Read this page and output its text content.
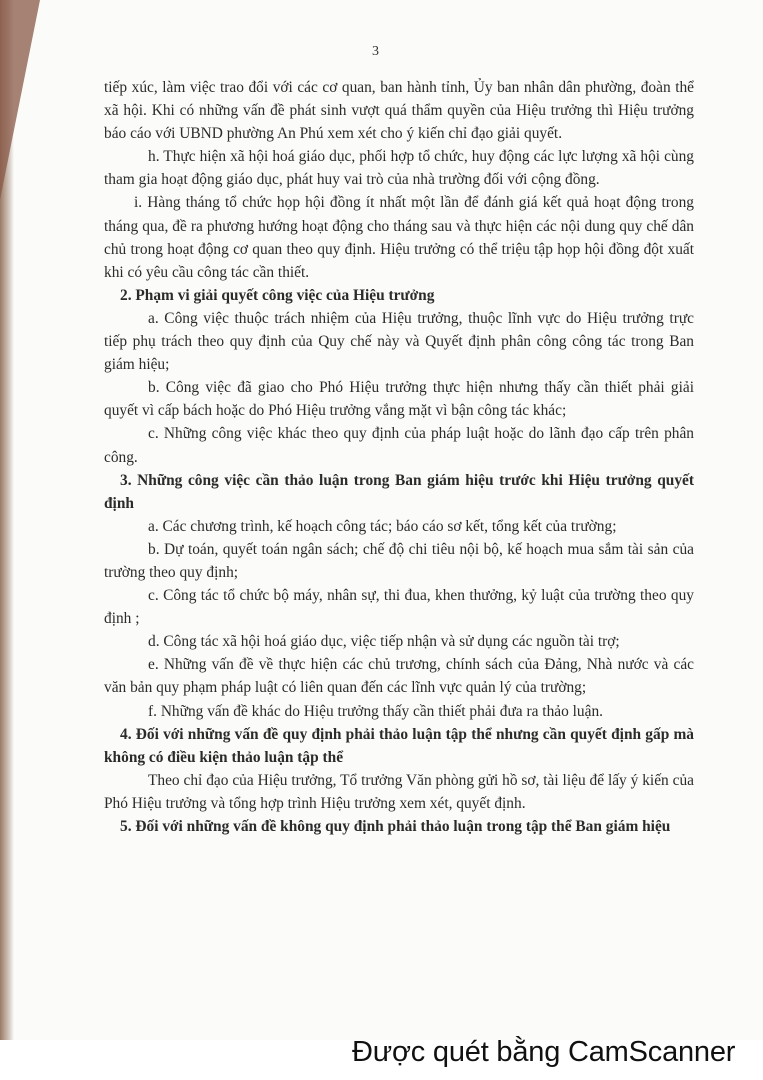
3

tiếp xúc, làm việc trao đổi với các cơ quan, ban hành tỉnh, Ủy ban nhân dân phường, đoàn thể xã hội. Khi có những vấn đề phát sinh vượt quá thẩm quyền của Hiệu trưởng thì Hiệu trưởng báo cáo với UBND phường An Phú xem xét cho ý kiến chỉ đạo giải quyết.

h. Thực hiện xã hội hoá giáo dục, phối hợp tổ chức, huy động các lực lượng xã hội cùng tham gia hoạt động giáo dục, phát huy vai trò của nhà trường đối với cộng đồng.

i. Hàng tháng tổ chức họp hội đồng ít nhất một lần để đánh giá kết quả hoạt động trong tháng qua, đề ra phương hướng hoạt động cho tháng sau và thực hiện các nội dung quy chế dân chủ trong hoạt động cơ quan theo quy định. Hiệu trưởng có thể triệu tập họp hội đồng đột xuất khi có yêu cầu công tác cần thiết.

2. Phạm vi giải quyết công việc của Hiệu trưởng

a. Công việc thuộc trách nhiệm của Hiệu trưởng, thuộc lĩnh vực do Hiệu trưởng trực tiếp phụ trách theo quy định của Quy chế này và Quyết định phân công công tác trong Ban giám hiệu;

b. Công việc đã giao cho Phó Hiệu trưởng thực hiện nhưng thấy cần thiết phải giải quyết vì cấp bách hoặc do Phó Hiệu trưởng vắng mặt vì bận công tác khác;

c. Những công việc khác theo quy định của pháp luật hoặc do lãnh đạo cấp trên phân công.

3. Những công việc cần thảo luận trong Ban giám hiệu trước khi Hiệu trưởng quyết định

a. Các chương trình, kế hoạch công tác; báo cáo sơ kết, tổng kết của trường;

b. Dự toán, quyết toán ngân sách; chế độ chi tiêu nội bộ, kế hoạch mua sắm tài sản của trường theo quy định;

c. Công tác tổ chức bộ máy, nhân sự, thi đua, khen thưởng, kỷ luật của trường theo quy định ;

d. Công tác xã hội hoá giáo dục, việc tiếp nhận và sử dụng các nguồn tài trợ;

e. Những vấn đề về thực hiện các chủ trương, chính sách của Đảng, Nhà nước và các văn bản quy phạm pháp luật có liên quan đến các lĩnh vực quản lý của trường;

f. Những vấn đề khác do Hiệu trưởng thấy cần thiết phải đưa ra thảo luận.

4. Đối với những vấn đề quy định phải thảo luận tập thể nhưng cần quyết định gấp mà không có điều kiện thảo luận tập thể

Theo chỉ đạo của Hiệu trưởng, Tổ trưởng Văn phòng gửi hồ sơ, tài liệu để lấy ý kiến của Phó Hiệu trưởng và tổng hợp trình Hiệu trưởng xem xét, quyết định.

5. Đối với những vấn đề không quy định phải thảo luận trong tập thể Ban giám hiệu

Được quét bằng CamScanner
